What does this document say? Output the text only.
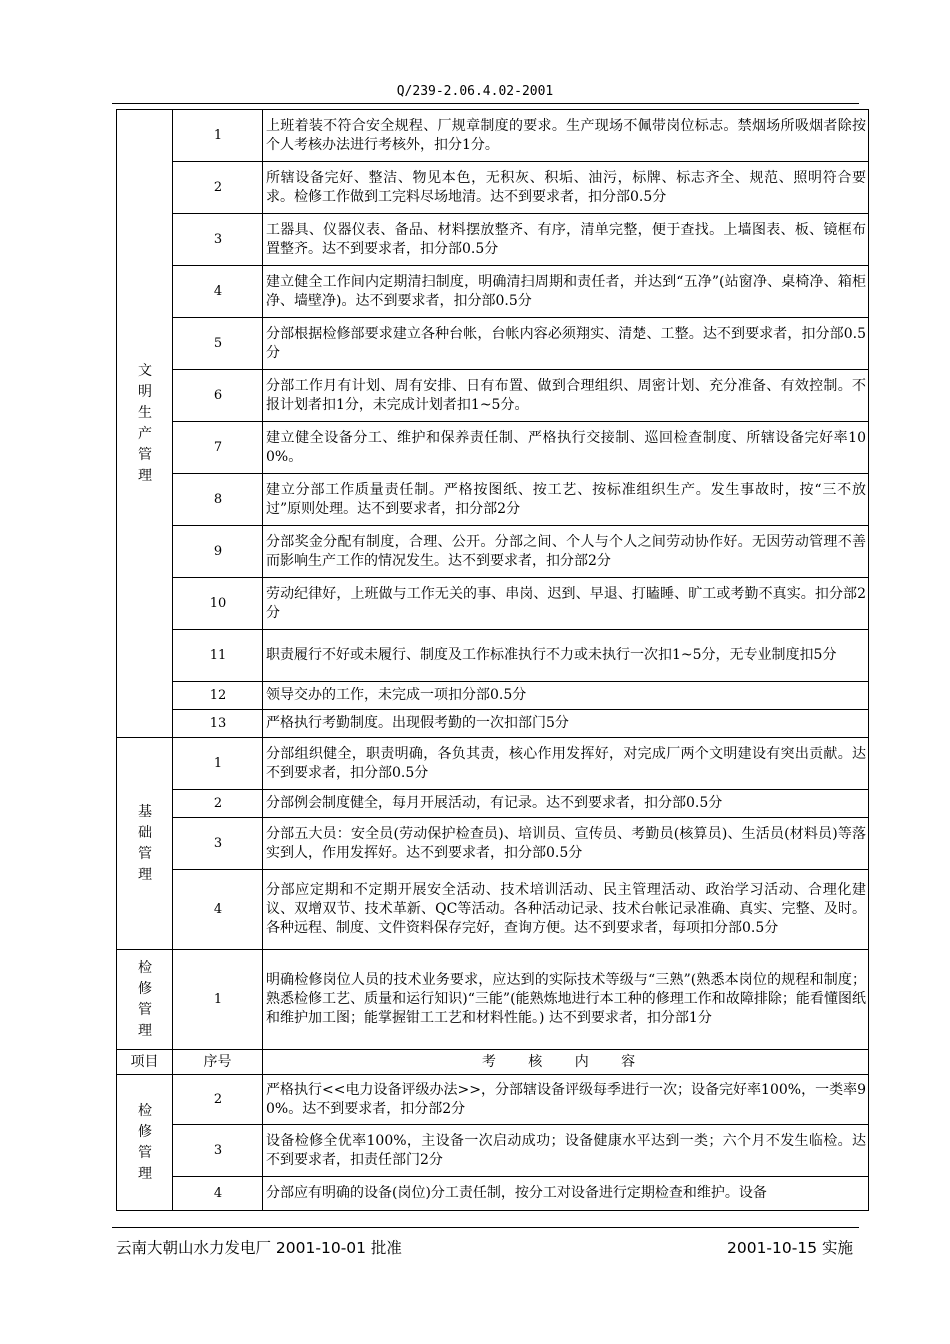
Q/239-2.06.4.02-2001
文明生产管理	1	上班着装不符合安全规程、厂规章制度的要求。生产现场不佩带岗位标志。禁烟场所吸烟者除按个人考核办法进行考核外，扣分1分。
	2	所辖设备完好、整洁、物见本色，无积灰、积垢、油污，标牌、标志齐全、规范、照明符合要求。检修工作做到工完料尽场地清。达不到要求者，扣分部0.5分
	3	工器具、仪器仪表、备品、材料摆放整齐、有序，清单完整，便于查找。上墙图表、板、镜框布置整齐。达不到要求者，扣分部0.5分
	4	建立健全工作间内定期清扫制度，明确清扫周期和责任者，并达到“五净”(站窗净、桌椅净、箱柜净、墙壁净)。达不到要求者，扣分部0.5分
	5	分部根据检修部要求建立各种台帐，台帐内容必须翔实、清楚、工整。达不到要求者，扣分部0.5分
	6	分部工作月有计划、周有安排、日有布置、做到合理组织、周密计划、充分准备、有效控制。不报计划者扣1分，未完成计划者扣1~5分。
	7	建立健全设备分工、维护和保养责任制、严格执行交接制、巡回检查制度、所辖设备完好率100%。
	8	建立分部工作质量责任制。严格按图纸、按工艺、按标准组织生产。发生事故时，按“三不放过”原则处理。达不到要求者，扣分部2分
	9	分部奖金分配有制度，合理、公开。分部之间、个人与个人之间劳动协作好。无因劳动管理不善而影响生产工作的情况发生。达不到要求者，扣分部2分
	10	劳动纪律好，上班做与工作无关的事、串岗、迟到、早退、打瞌睡、旷工或考勤不真实。扣分部2分
	11	职责履行不好或未履行、制度及工作标准执行不力或未执行一次扣1~5分，无专业制度扣5分
	12	领导交办的工作，未完成一项扣分部0.5分
	13	严格执行考勤制度。出现假考勤的一次扣部门5分
基础管理	1	分部组织健全，职责明确，各负其责，核心作用发挥好，对完成厂两个文明建设有突出贡献。达不到要求者，扣分部0.5分
	2	分部例会制度健全，每月开展活动，有记录。达不到要求者，扣分部0.5分
	3	分部五大员：安全员(劳动保护检查员)、培训员、宣传员、考勤员(核算员)、生活员(材料员)等落实到人，作用发挥好。达不到要求者，扣分部0.5分
	4	分部应定期和不定期开展安全活动、技术培训活动、民主管理活动、政治学习活动、合理化建议、双增双节、技术革新、QC等活动。各种活动记录、技术台帐记录准确、真实、完整、及时。各种远程、制度、文件资料保存完好，查询方便。达不到要求者，每项扣分部0.5分
检修管理	1	明确检修岗位人员的技术业务要求，应达到的实际技术等级与“三熟”(熟悉本岗位的规程和制度；熟悉检修工艺、质量和运行知识)“三能”(能熟炼地进行本工种的修理工作和故障排除；能看懂图纸和维护加工图；能掌握钳工工艺和材料性能。) 达不到要求者，扣分部1分
项目	序号	考 核 内 容
检修管理	2	严格执行<<电力设备评级办法>>，分部辖设备评级每季进行一次；设备完好率100%，一类率90%。达不到要求者，扣分部2分
	3	设备检修全优率100%，主设备一次启动成功；设备健康水平达到一类；六个月不发生临检。达不到要求者，扣责任部门2分
	4	分部应有明确的设备(岗位)分工责任制，按分工对设备进行定期检查和维护。设备
云南大朝山水力发电厂 2001-10-01 批准	2001-10-15 实施
